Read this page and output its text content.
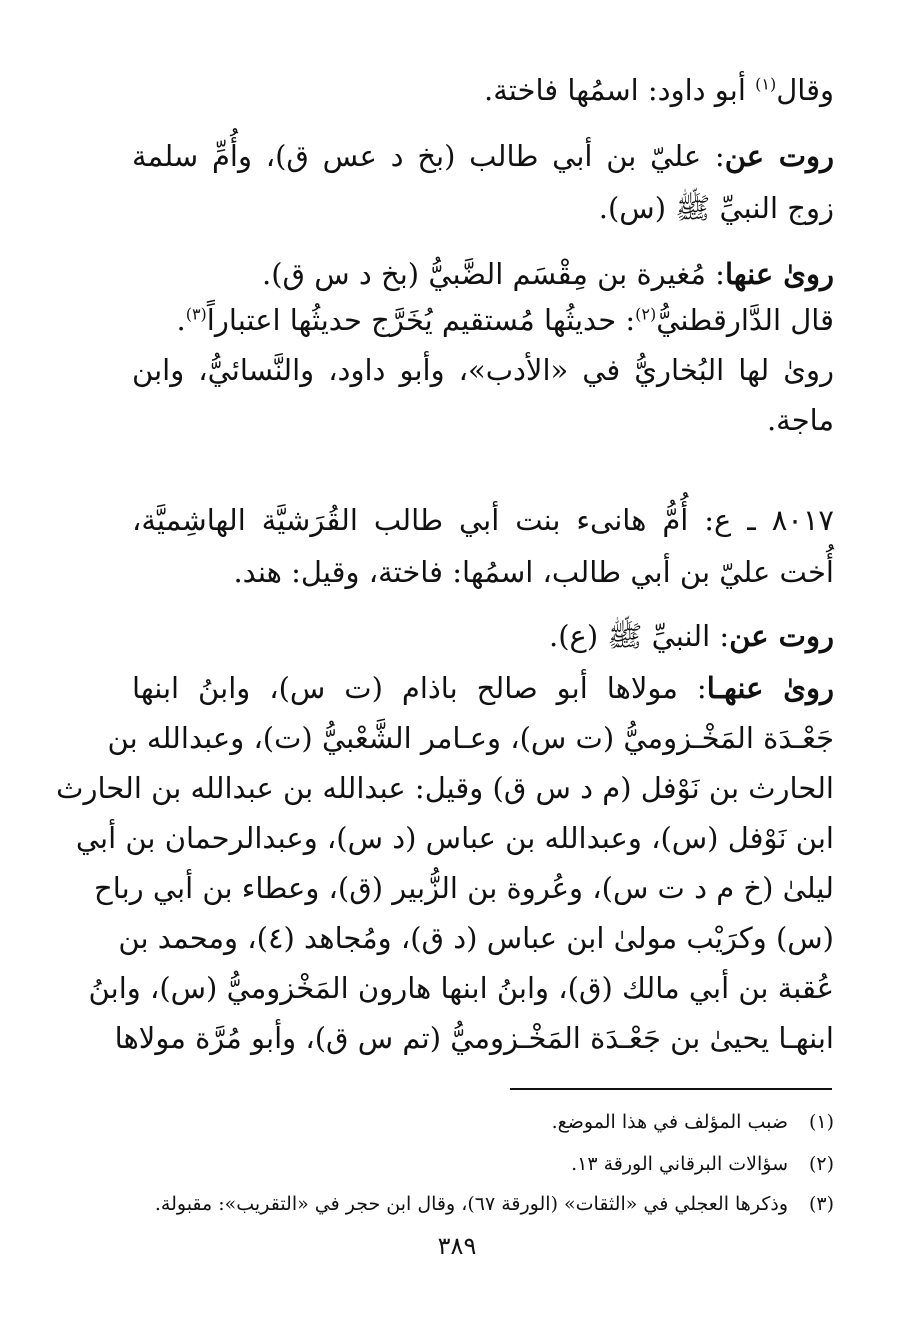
وقال$^{(١)}$ أبو داود: اسمُها فاختة.
روت عن: عليّ بن أبي طالب (بخ د عس ق)، وأُمِّ سلمة
زوج النبيِّ ﷺ (س).
روىٰ عنها: مُغيرة بن مِقْسَم الضَّبيُّ (بخ د س ق).
قال الدَّارقطنيُّ$^{(٢)}$: حديثُها مُستقيم يُخَرَّج حديثُها اعتباراً$^{(٣)}$.
روىٰ لها البُخاريُّ في «الأدب»، وأبو داود، والنَّسائيُّ، وابن
ماجة.
٨٠١٧ ـ ع: أُمُّ هانىء بنت أبي طالب القُرَشيَّة الهاشِميَّة،
أُخت عليّ بن أبي طالب، اسمُها: فاختة، وقيل: هند.
روت عن: النبيِّ ﷺ (ع).
روىٰ عنهـا: مولاها أبو صالح باذام (ت س)، وابنُ ابنها
جَعْـدَة المَخْـزوميُّ (ت س)، وعـامر الشَّعْبيُّ (ت)، وعبدالله بن
الحارث بن نَوْفل (م د س ق) وقيل: عبدالله بن عبدالله بن الحارث
ابن نَوْفل (س)، وعبدالله بن عباس (د س)، وعبدالرحمان بن أبي
ليلىٰ (خ م د ت س)، وعُروة بن الزُّبير (ق)، وعطاء بن أبي رباح
(س) وكرَيْب مولىٰ ابن عباس (د ق)، ومُجاهد (٤)، ومحمد بن
عُقبة بن أبي مالك (ق)، وابنُ ابنها هارون المَخْزوميُّ (س)، وابنُ
ابنهـا يحيىٰ بن جَعْـدَة المَخْـزوميُّ (تم س ق)، وأبو مُرَّة مولاها
(١)ضبب المؤلف في هذا الموضع.
(٢)سؤالات البرقاني الورقة ١٣.
(٣)وذكرها العجلي في «الثقات» (الورقة ٦٧)، وقال ابن حجر في «التقريب»: مقبولة.
٣٨٩
